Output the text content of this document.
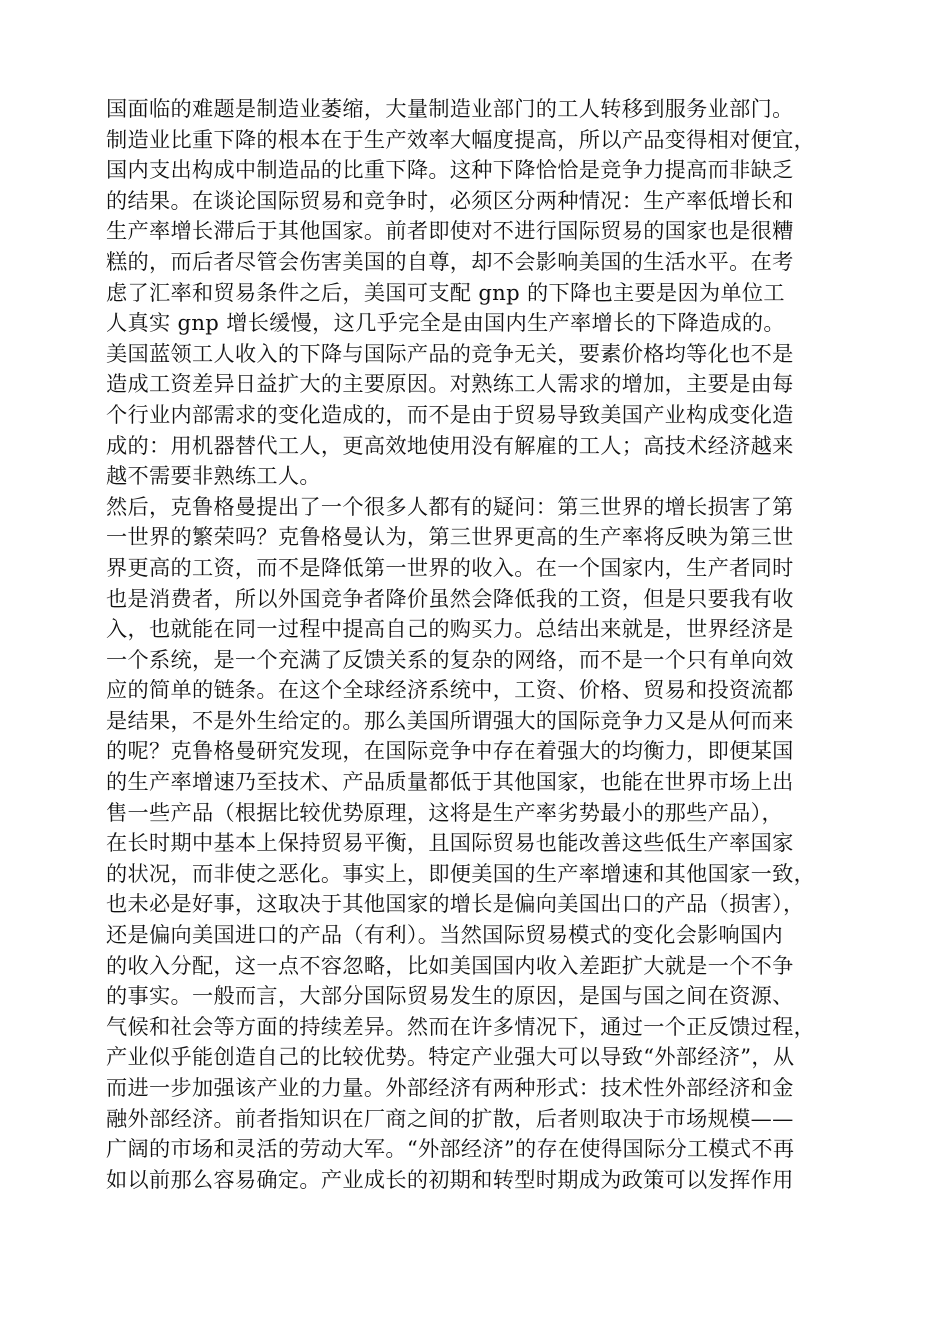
国面临的难题是制造业萎缩，大量制造业部门的工人转移到服务业部门。
制造业比重下降的根本在于生产效率大幅度提高，所以产品变得相对便宜，
国内支出构成中制造品的比重下降。这种下降恰恰是竞争力提高而非缺乏
的结果。在谈论国际贸易和竞争时，必须区分两种情况：生产率低增长和
生产率增长滞后于其他国家。前者即使对不进行国际贸易的国家也是很糟
糕的，而后者尽管会伤害美国的自尊，却不会影响美国的生活水平。在考
虑了汇率和贸易条件之后，美国可支配 gnp 的下降也主要是因为单位工
人真实 gnp 增长缓慢，这几乎完全是由国内生产率增长的下降造成的。
美国蓝领工人收入的下降与国际产品的竞争无关，要素价格均等化也不是
造成工资差异日益扩大的主要原因。对熟练工人需求的增加，主要是由每
个行业内部需求的变化造成的，而不是由于贸易导致美国产业构成变化造
成的：用机器替代工人，更高效地使用没有解雇的工人；高技术经济越来
越不需要非熟练工人。
然后，克鲁格曼提出了一个很多人都有的疑问：第三世界的增长损害了第
一世界的繁荣吗？克鲁格曼认为，第三世界更高的生产率将反映为第三世
界更高的工资，而不是降低第一世界的收入。在一个国家内，生产者同时
也是消费者，所以外国竞争者降价虽然会降低我的工资，但是只要我有收
入，也就能在同一过程中提高自己的购买力。总结出来就是，世界经济是
一个系统，是一个充满了反馈关系的复杂的网络，而不是一个只有单向效
应的简单的链条。在这个全球经济系统中，工资、价格、贸易和投资流都
是结果，不是外生给定的。那么美国所谓强大的国际竞争力又是从何而来
的呢？克鲁格曼研究发现，在国际竞争中存在着强大的均衡力，即便某国
的生产率增速乃至技术、产品质量都低于其他国家，也能在世界市场上出
售一些产品（根据比较优势原理，这将是生产率劣势最小的那些产品），
在长时期中基本上保持贸易平衡，且国际贸易也能改善这些低生产率国家
的状况，而非使之恶化。事实上，即便美国的生产率增速和其他国家一致，
也未必是好事，这取决于其他国家的增长是偏向美国出口的产品（损害），
还是偏向美国进口的产品（有利）。当然国际贸易模式的变化会影响国内
的收入分配，这一点不容忽略，比如美国国内收入差距扩大就是一个不争
的事实。一般而言，大部分国际贸易发生的原因，是国与国之间在资源、
气候和社会等方面的持续差异。然而在许多情况下，通过一个正反馈过程，
产业似乎能创造自己的比较优势。特定产业强大可以导致“外部经济”，从
而进一步加强该产业的力量。外部经济有两种形式：技术性外部经济和金
融外部经济。前者指知识在厂商之间的扩散，后者则取决于市场规模——
广阔的市场和灵活的劳动大军。“外部经济”的存在使得国际分工模式不再
如以前那么容易确定。产业成长的初期和转型时期成为政策可以发挥作用
